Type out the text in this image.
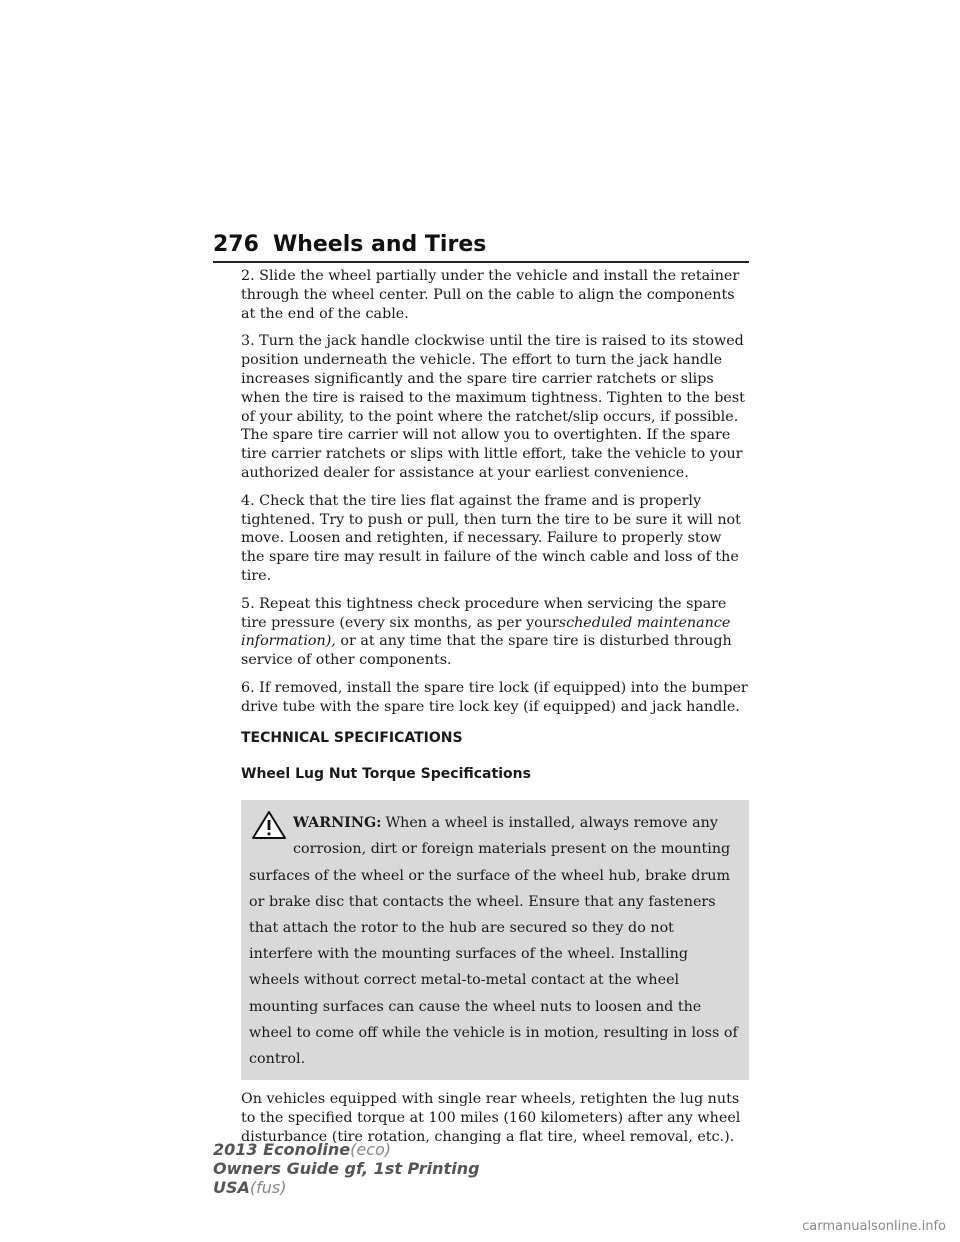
276 Wheels and Tires

2. Slide the wheel partially under the vehicle and install the retainer through the wheel center. Pull on the cable to align the components at the end of the cable.

3. Turn the jack handle clockwise until the tire is raised to its stowed position underneath the vehicle. The effort to turn the jack handle increases significantly and the spare tire carrier ratchets or slips when the tire is raised to the maximum tightness. Tighten to the best of your ability, to the point where the ratchet/slip occurs, if possible. The spare tire carrier will not allow you to overtighten. If the spare tire carrier ratchets or slips with little effort, take the vehicle to your authorized dealer for assistance at your earliest convenience.

4. Check that the tire lies flat against the frame and is properly tightened. Try to push or pull, then turn the tire to be sure it will not move. Loosen and retighten, if necessary. Failure to properly stow the spare tire may result in failure of the winch cable and loss of the tire.

5. Repeat this tightness check procedure when servicing the spare tire pressure (every six months, as per yourscheduled maintenance information), or at any time that the spare tire is disturbed through service of other components.

6. If removed, install the spare tire lock (if equipped) into the bumper drive tube with the spare tire lock key (if equipped) and jack handle.

TECHNICAL SPECIFICATIONS
Wheel Lug Nut Torque Specifications
WARNING: When a wheel is installed, always remove any
corrosion, dirt or foreign materials present on the mounting
surfaces of the wheel or the surface of the wheel hub, brake drum or brake disc that contacts the wheel. Ensure that any fasteners that attach the rotor to the hub are secured so they do not interfere with the mounting surfaces of the wheel. Installing wheels without correct metal-to-metal contact at the wheel mounting surfaces can cause the wheel nuts to loosen and the wheel to come off while the vehicle is in motion, resulting in loss of control.

On vehicles equipped with single rear wheels, retighten the lug nuts to the specified torque at 100 miles (160 kilometers) after any wheel disturbance (tire rotation, changing a flat tire, wheel removal, etc.).

2013 Econoline(eco)
Owners Guide gf, 1st Printing
USA(fus)
carmanualsonline.info
